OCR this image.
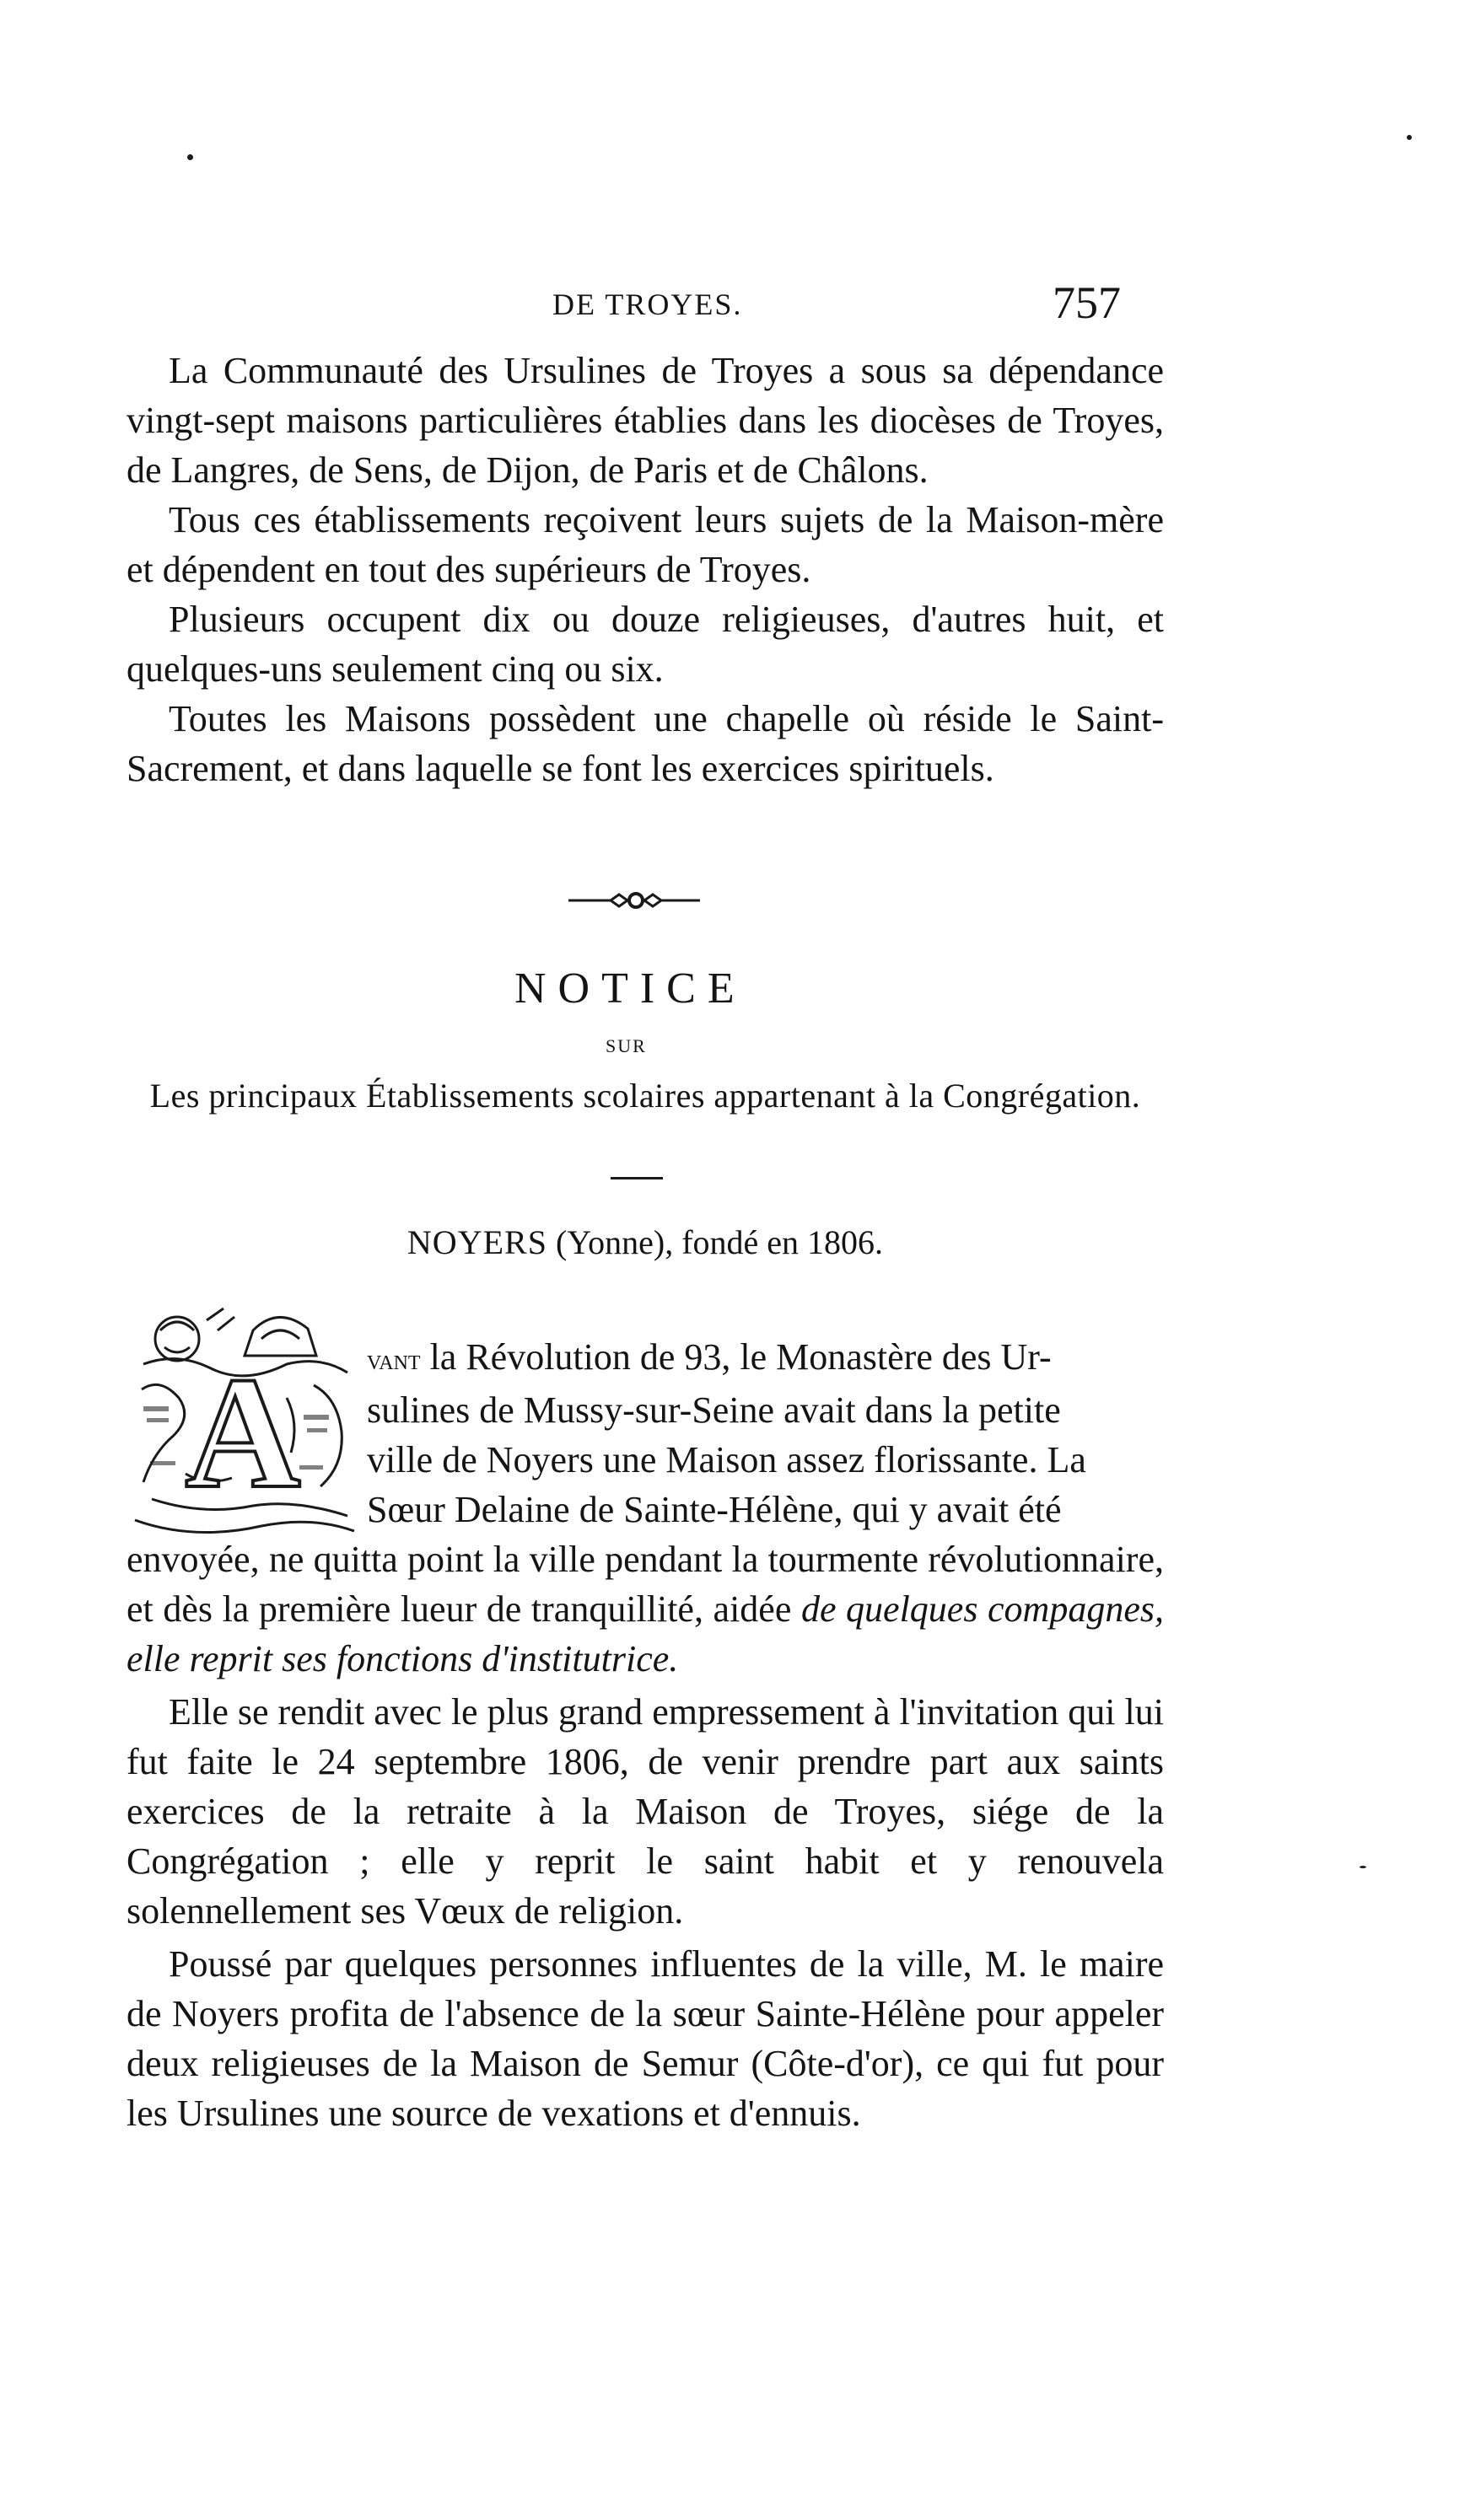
DE TROYES.	757

La Communauté des Ursulines de Troyes a sous sa dépendance vingt-sept maisons particulières établies dans les diocèses de Troyes, de Langres, de Sens, de Dijon, de Paris et de Châlons.

Tous ces établissements reçoivent leurs sujets de la Maison-mère et dépendent en tout des supérieurs de Troyes.

Plusieurs occupent dix ou douze religieuses, d'autres huit, et quelques-uns seulement cinq ou six.

Toutes les Maisons possèdent une chapelle où réside le Saint-Sacrement, et dans laquelle se font les exercices spirituels.

NOTICE
SUR
Les principaux Établissements scolaires appartenant à la Congrégation.
NOYERS (Yonne), fondé en 1806.
A	vant la Révolution de 93, le Monastère des Ur-

sulines de Mussy-sur-Seine avait dans la petite

ville de Noyers une Maison assez florissante. La

Sœur Delaine de Sainte-Hélène, qui y avait été

envoyée, ne quitta point la ville pendant la tourmente révolutionnaire, et dès la première lueur de tranquillité, aidée de quelques compagnes, elle reprit ses fonctions d'institutrice.

Elle se rendit avec le plus grand empressement à l'invitation qui lui fut faite le 24 septembre 1806, de venir prendre part aux saints exercices de la retraite à la Maison de Troyes, siége de la Congrégation ; elle y reprit le saint habit et y renouvela solennellement ses Vœux de religion.

Poussé par quelques personnes influentes de la ville, M. le maire de Noyers profita de l'absence de la sœur Sainte-Hélène pour appeler deux religieuses de la Maison de Semur (Côte-d'or), ce qui fut pour les Ursulines une source de vexations et d'ennuis.
